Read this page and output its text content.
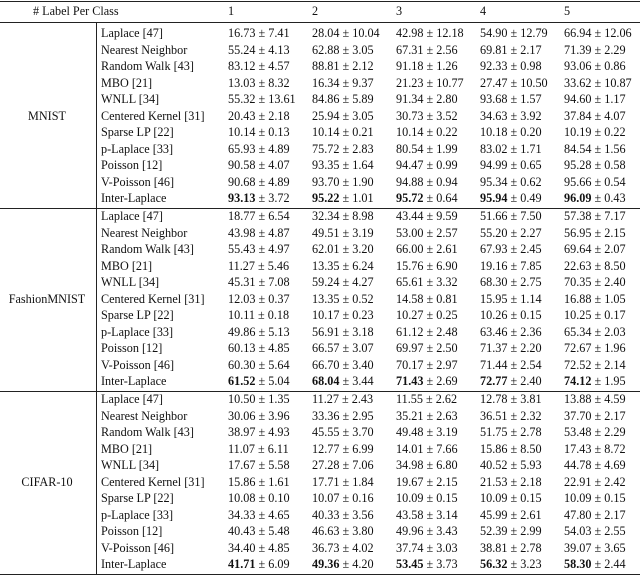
# Label Per Class	1	2	3	4	5
MNIST
Laplace [47]	16.73 ± 7.41 28.04 ± 10.04 42.98 ± 12.18 54.90 ± 12.79 66.94 ± 12.06
Nearest Neighbor	55.24 ± 4.13 62.88 ± 3.05 67.31 ± 2.56 69.81 ± 2.17 71.39 ± 2.29
Random Walk [43]	83.12 ± 4.57 88.81 ± 2.12 91.18 ± 1.26 92.33 ± 0.98 93.06 ± 0.86
MBO [21]	13.03 ± 8.32 16.34 ± 9.37 21.23 ± 10.77 27.47 ± 10.50 33.62 ± 10.87
WNLL [34]	55.32 ± 13.61 84.86 ± 5.89 91.34 ± 2.80 93.68 ± 1.57 94.60 ± 1.17
Centered Kernel [31] 20.43 ± 2.18 25.94 ± 3.05 30.73 ± 3.52 34.63 ± 3.92 37.84 ± 4.07
Sparse LP [22]	10.14 ± 0.13 10.14 ± 0.21 10.14 ± 0.22 10.18 ± 0.20 10.19 ± 0.22
p-Laplace [33]	65.93 ± 4.89 75.72 ± 2.83 80.54 ± 1.99 83.02 ± 1.71 84.54 ± 1.56
Poisson [12]	90.58 ± 4.07 93.35 ± 1.64 94.47 ± 0.99 94.99 ± 0.65 95.28 ± 0.58
V-Poisson [46]	90.68 ± 4.89 93.70 ± 1.90 94.88 ± 0.94 95.34 ± 0.62 95.66 ± 0.54
Inter-Laplace	93.13 ± 3.72 95.22 ± 1.01 95.72 ± 0.64 95.94 ± 0.49 96.09 ± 0.43
FashionMNIST
Laplace [47]	18.77 ± 6.54 32.34 ± 8.98 43.44 ± 9.59 51.66 ± 7.50 57.38 ± 7.17
Nearest Neighbor	43.98 ± 4.87 49.51 ± 3.19 53.00 ± 2.57 55.20 ± 2.27 56.95 ± 2.15
Random Walk [43]	55.43 ± 4.97 62.01 ± 3.20 66.00 ± 2.61 67.93 ± 2.45 69.64 ± 2.07
MBO [21]	11.27 ± 5.46 13.35 ± 6.24 15.76 ± 6.90 19.16 ± 7.85 22.63 ± 8.50
WNLL [34]	45.31 ± 7.08 59.24 ± 4.27 65.61 ± 3.32 68.30 ± 2.75 70.35 ± 2.40
Centered Kernel [31] 12.03 ± 0.37 13.35 ± 0.52 14.58 ± 0.81 15.95 ± 1.14 16.88 ± 1.05
Sparse LP [22]	10.11 ± 0.18 10.17 ± 0.23 10.27 ± 0.25 10.26 ± 0.15 10.25 ± 0.17
p-Laplace [33]	49.86 ± 5.13 56.91 ± 3.18 61.12 ± 2.48 63.46 ± 2.36 65.34 ± 2.03
Poisson [12]	60.13 ± 4.85 66.57 ± 3.07 69.97 ± 2.50 71.37 ± 2.20 72.67 ± 1.96
V-Poisson [46]	60.30 ± 5.64 66.70 ± 3.40 70.17 ± 2.97 71.44 ± 2.54 72.52 ± 2.14
Inter-Laplace	61.52 ± 5.04 68.04 ± 3.44 71.43 ± 2.69 72.77 ± 2.40 74.12 ± 1.95
CIFAR-10
Laplace [47]	10.50 ± 1.35 11.27 ± 2.43 11.55 ± 2.62 12.78 ± 3.81 13.88 ± 4.59
Nearest Neighbor	30.06 ± 3.96 33.36 ± 2.95 35.21 ± 2.63 36.51 ± 2.32 37.70 ± 2.17
Random Walk [43]	38.97 ± 4.93 45.55 ± 3.70 49.48 ± 3.19 51.75 ± 2.78 53.48 ± 2.29
MBO [21]	11.07 ± 6.11 12.77 ± 6.99 14.01 ± 7.66 15.86 ± 8.50 17.43 ± 8.72
WNLL [34]	17.67 ± 5.58 27.28 ± 7.06 34.98 ± 6.80 40.52 ± 5.93 44.78 ± 4.69
Centered Kernel [31] 15.86 ± 1.61 17.71 ± 1.84 19.67 ± 2.15 21.53 ± 2.18 22.91 ± 2.42
Sparse LP [22]	10.08 ± 0.10 10.07 ± 0.16 10.09 ± 0.15 10.09 ± 0.15 10.09 ± 0.15
p-Laplace [33]	34.33 ± 4.65 40.33 ± 3.56 43.58 ± 3.14 45.99 ± 2.61 47.80 ± 2.17
Poisson [12]	40.43 ± 5.48 46.63 ± 3.80 49.96 ± 3.43 52.39 ± 2.99 54.03 ± 2.55
V-Poisson [46]	34.40 ± 4.85 36.73 ± 4.02 37.74 ± 3.03 38.81 ± 2.78 39.07 ± 3.65
Inter-Laplace	41.71 ± 6.09 49.36 ± 4.20 53.45 ± 3.73 56.32 ± 3.23 58.30 ± 2.44
